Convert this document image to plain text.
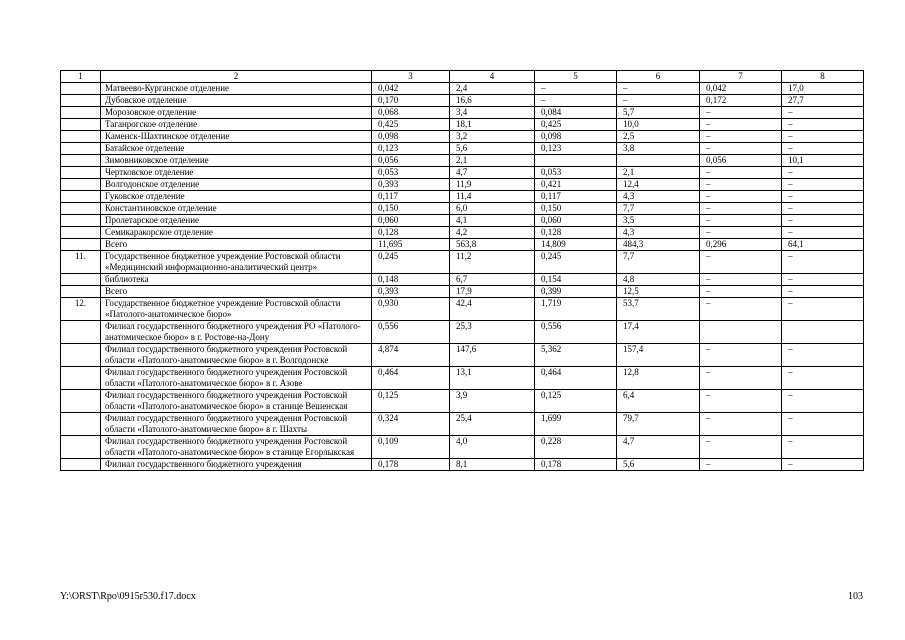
1	2	3	4	5	6	7	8
	Матвеево-Курганское отделение	0,042	2,4	–	–	0,042	17,0
	Дубовское отделение	0,170	16,6	–	–	0,172	27,7
	Морозовское отделение	0,068	3,4	0,084	5,7	–	–
	Таганрогское отделение	0,425	18,1	0,425	10,0	–	–
	Каменск-Шахтинское отделение	0,098	3,2	0,098	2,5	–	–
	Батайское отделение	0,123	5,6	0,123	3,8	–	–
	Зимовниковское отделение	0,056	2,1			0,056	10,1
	Чертковское отделение	0,053	4,7	0,053	2,1	–	–
	Волгодонское отделение	0,393	11,9	0,421	12,4	–	–
	Гуковское отделение	0,117	11,4	0,117	4,3	–	–
	Константиновское отделение	0,150	6,0	0,150	7,7	–	–
	Пролетарское отделение	0,060	4,1	0,060	3,5	–	–
	Семикаракорское отделение	0,128	4,2	0,128	4,3	–	–
	Всего	11,695	563,8	14,809	484,3	0,296	64,1
11.	Государственное бюджетное учреждение Ростовской области «Медицинский информационно-аналитический центр»	0,245	11,2	0,245	7,7	–	–
	библиотека	0,148	6,7	0,154	4,8	–	–
	Всего	0,393	17,9	0,399	12,5	–	–
12.	Государственное бюджетное учреждение Ростовской области «Патолого-анатомическое бюро»	0,930	42,4	1,719	53,7	–	–
	Филиал государственного бюджетного учреждения РО «Патолого-анатомическое бюро» в г. Ростове-на-Дону	0,556	25,3	0,556	17,4		
	Филиал государственного бюджетного учреждения Ростовской области «Патолого-анатомическое бюро» в г. Волгодонске	4,874	147,6	5,362	157,4	–	–
	Филиал государственного бюджетного учреждения Ростовской области «Патолого-анатомическое бюро» в г. Азове	0,464	13,1	0,464	12,8	–	–
	Филиал государственного бюджетного учреждения Ростовской области «Патолого-анатомическое бюро» в станице Вешенская	0,125	3,9	0,125	6,4	–	–
	Филиал государственного бюджетного учреждения Ростовской области «Патолого-анатомическое бюро» в г. Шахты	0,324	25,4	1,699	79,7	–	–
	Филиал государственного бюджетного учреждения Ростовской области «Патолого-анатомическое бюро» в станице Егорлыкская	0,109	4,0	0,228	4,7	–	–
	Филиал государственного бюджетного учреждения	0,178	8,1	0,178	5,6	–	–
Y:\ORST\Rpo\0915r530.f17.docx	103
